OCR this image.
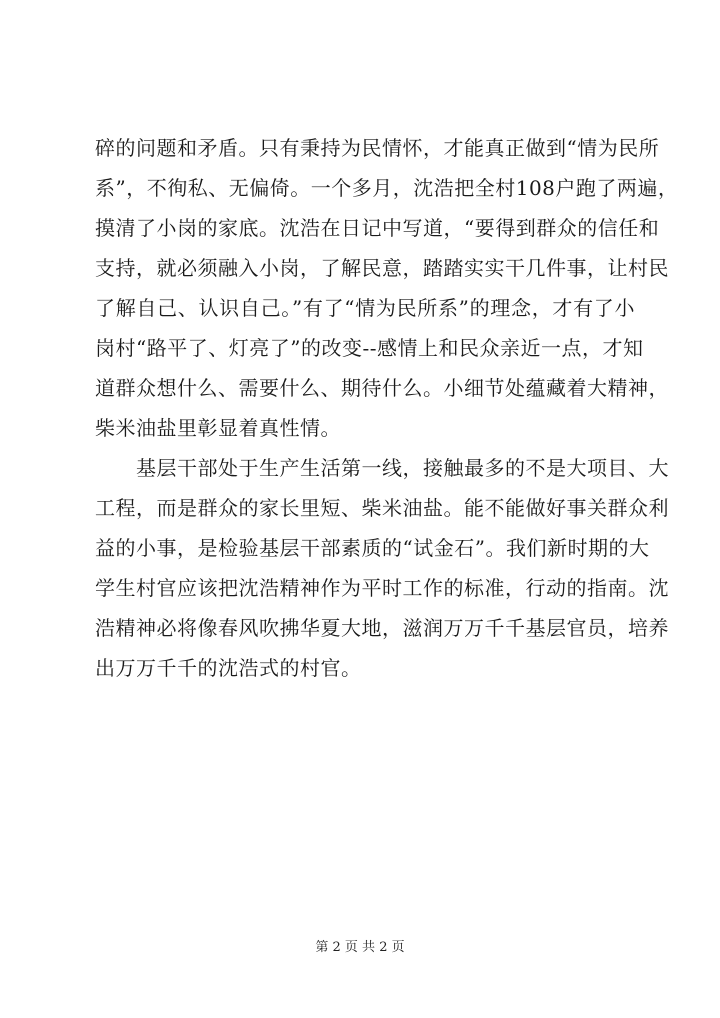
碎的问题和矛盾。只有秉持为民情怀，才能真正做到“情为民所
系”，不徇私、无偏倚。一个多月，沈浩把全村108户跑了两遍，
摸清了小岗的家底。沈浩在日记中写道，“要得到群众的信任和
支持，就必须融入小岗，了解民意，踏踏实实干几件事，让村民
了解自己、认识自己。”有了“情为民所系”的理念，才有了小
岗村“路平了、灯亮了”的改变--感情上和民众亲近一点，才知
道群众想什么、需要什么、期待什么。小细节处蕴藏着大精神，
柴米油盐里彰显着真性情。
基层干部处于生产生活第一线，接触最多的不是大项目、大
工程，而是群众的家长里短、柴米油盐。能不能做好事关群众利
益的小事，是检验基层干部素质的“试金石”。我们新时期的大
学生村官应该把沈浩精神作为平时工作的标准，行动的指南。沈
浩精神必将像春风吹拂华夏大地，滋润万万千千基层官员，培养
出万万千千的沈浩式的村官。
第 2 页 共 2 页
